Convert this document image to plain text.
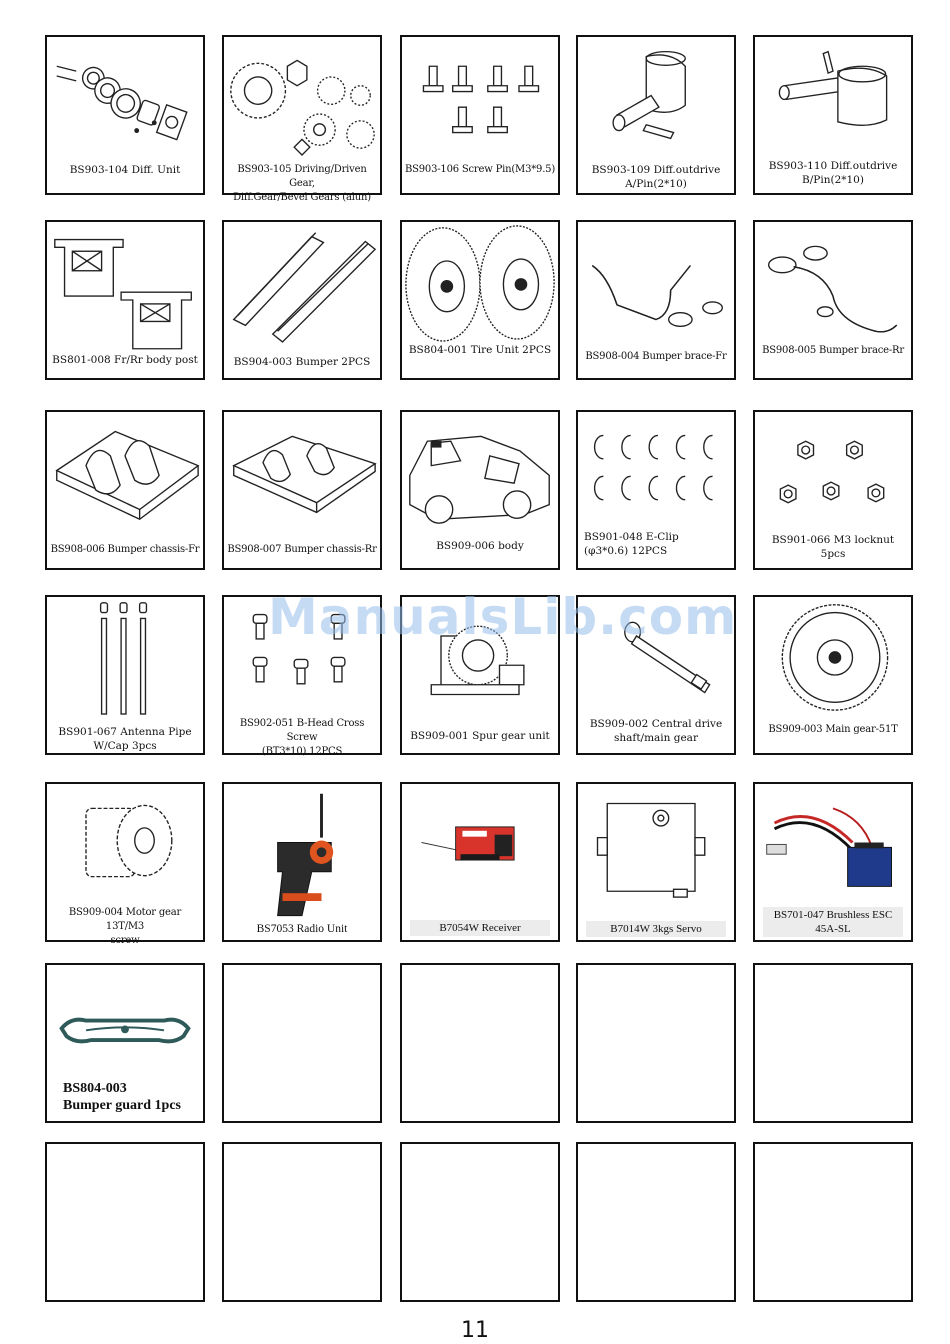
BS903-104 Diff. Unit	BS903-105 Driving/Driven Gear,
Diff.Gear/Bevel Gears (alun)
BS903-106 Screw Pin(M3*9.5)	BS903-109 Diff.outdrive
A/Pin(2*10)
BS903-110 Diff.outdrive
B/Pin(2*10)
BS801-008 Fr/Rr body post	BS904-003 Bumper 2PCS
BS804-001 Tire Unit 2PCS
BS908-004 Bumper brace-Fr
BS908-005 Bumper brace-Rr
BS908-006 Bumper chassis-Fr	BS908-007 Bumper chassis-Rr	BS909-006 body
BS901-048 E-Clip
(φ3*0.6) 12PCS
BS901-066 M3 locknut
5pcs
BS901-067 Antenna Pipe
W/Cap 3pcs
BS902-051 B-Head Cross Screw
(BT3*10) 12PCS
BS909-001 Spur gear unit
BS909-002 Central drive
shaft/main gear
BS909-003 Main gear-51T
BS909-004 Motor gear 13T/M3
screw
BS7053 Radio Unit	B7054W Receiver	B7014W 3kgs Servo
BS701-047 Brushless ESC
45A-SL
BS804-003
Bumper guard 1pcs
ManualsLib.com
11
